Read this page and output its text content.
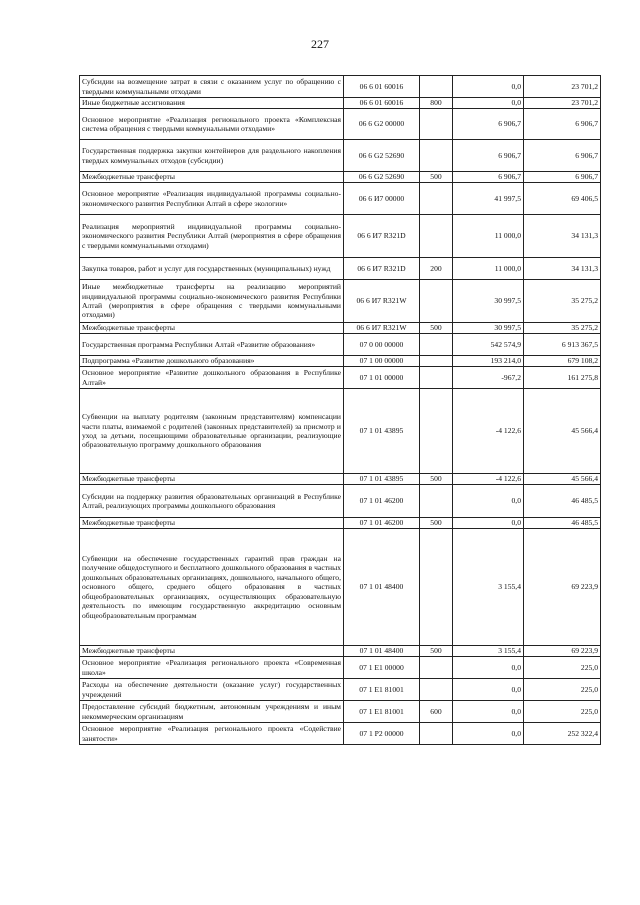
227
Субсидии на возмещение затрат в связи с оказанием услуг по обращению с твердыми коммунальными отходами	06 6 01 60016		0,0	23 701,2
Иные бюджетные ассигнования	06 6 01 60016	800	0,0	23 701,2
Основное мероприятие «Реализация регионального проекта «Комплексная система обращения с твердыми коммунальными отходами»	06 6 G2 00000		6 906,7	6 906,7
Государственная поддержка закупки контейнеров для раздельного накопления твердых коммунальных отходов (субсидии)	06 6 G2 52690		6 906,7	6 906,7
Межбюджетные трансферты	06 6 G2 52690	500	6 906,7	6 906,7
Основное мероприятие «Реализация индивидуальной программы социально-экономического развития Республики Алтай в сфере экологии»	06 6 И7 00000		41 997,5	69 406,5
Реализация мероприятий индивидуальной программы социально-экономического развития Республики Алтай (мероприятия в сфере обращения с твердыми коммунальными отходами)	06 6 И7 R321D		11 000,0	34 131,3
Закупка товаров, работ и услуг для государственных (муниципальных) нужд	06 6 И7 R321D	200	11 000,0	34 131,3
Иные межбюджетные трансферты на реализацию мероприятий индивидуальной программы социально-экономического развития Республики Алтай (мероприятия в сфере обращения с твердыми коммунальными отходами)	06 6 И7 R321W		30 997,5	35 275,2
Межбюджетные трансферты	06 6 И7 R321W	500	30 997,5	35 275,2
Государственная программа Республики Алтай «Развитие образования»	07 0 00 00000		542 574,9	6 913 367,5
Подпрограмма «Развитие дошкольного образования»	07 1 00 00000		193 214,0	679 108,2
Основное мероприятие «Развитие дошкольного образования в Республике Алтай»	07 1 01 00000		-967,2	161 275,8
Субвенции на выплату родителям (законным представителям) компенсации части платы, взимаемой с родителей (законных представителей) за присмотр и уход за детьми, посещающими образовательные организации, реализующие образовательную программу дошкольного образования	07 1 01 43895		-4 122,6	45 566,4
Межбюджетные трансферты	07 1 01 43895	500	-4 122,6	45 566,4
Субсидии на поддержку развития образовательных организаций в Республике Алтай, реализующих программы дошкольного образования	07 1 01 46200		0,0	46 485,5
Межбюджетные трансферты	07 1 01 46200	500	0,0	46 485,5
Субвенции на обеспечение государственных гарантий прав граждан на получение общедоступного и бесплатного дошкольного образования в частных дошкольных образовательных организациях, дошкольного, начального общего, основного общего, среднего общего образования в частных общеобразовательных организациях, осуществляющих образовательную деятельность по имеющим государственную аккредитацию основным общеобразовательным программам	07 1 01 48400		3 155,4	69 223,9
Межбюджетные трансферты	07 1 01 48400	500	3 155,4	69 223,9
Основное мероприятие «Реализация регионального проекта «Современная школа»	07 1 E1 00000		0,0	225,0
Расходы на обеспечение деятельности (оказание услуг) государственных учреждений	07 1 E1 81001		0,0	225,0
Предоставление субсидий бюджетным, автономным учреждениям и иным некоммерческим организациям	07 1 E1 81001	600	0,0	225,0
Основное мероприятие «Реализация регионального проекта «Содействие занятости»	07 1 P2 00000		0,0	252 322,4
